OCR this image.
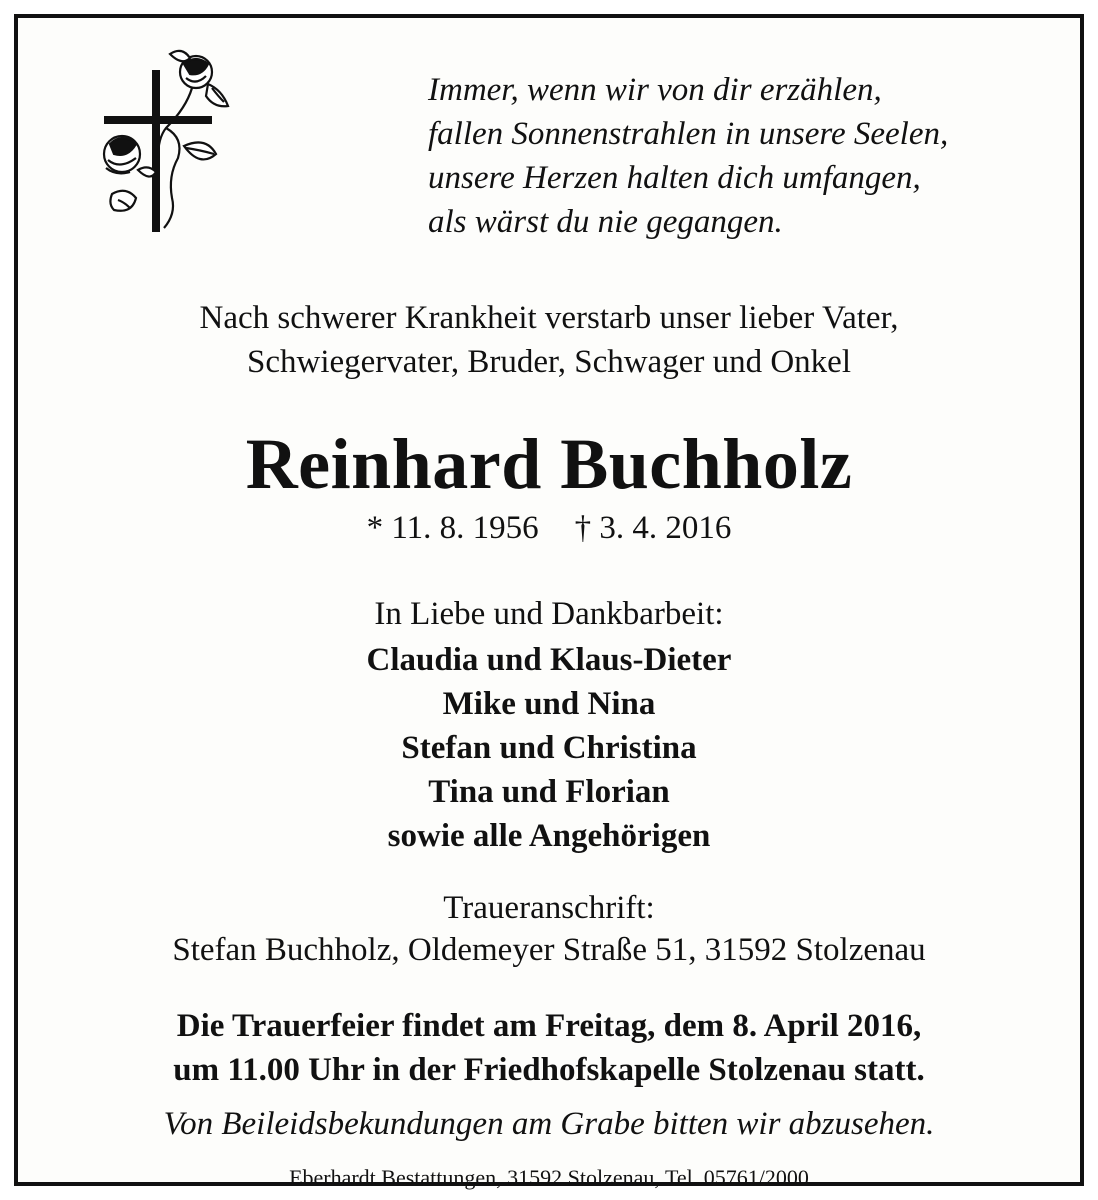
Immer, wenn wir von dir erzählen,
fallen Sonnenstrahlen in unsere Seelen,
unsere Herzen halten dich umfangen,
als wärst du nie gegangen.
Nach schwerer Krankheit verstarb unser lieber Vater,
Schwiegervater, Bruder, Schwager und Onkel
Reinhard Buchholz
* 11. 8. 1956 † 3. 4. 2016
In Liebe und Dankbarbeit:
Claudia und Klaus-Dieter
Mike und Nina
Stefan und Christina
Tina und Florian
sowie alle Angehörigen
Traueranschrift:
Stefan Buchholz, Oldemeyer Straße 51, 31592 Stolzenau
Die Trauerfeier findet am Freitag, dem 8. April 2016,
um 11.00 Uhr in der Friedhofskapelle Stolzenau statt.
Von Beileidsbekundungen am Grabe bitten wir abzusehen.
Eberhardt Bestattungen, 31592 Stolzenau, Tel. 05761/2000
